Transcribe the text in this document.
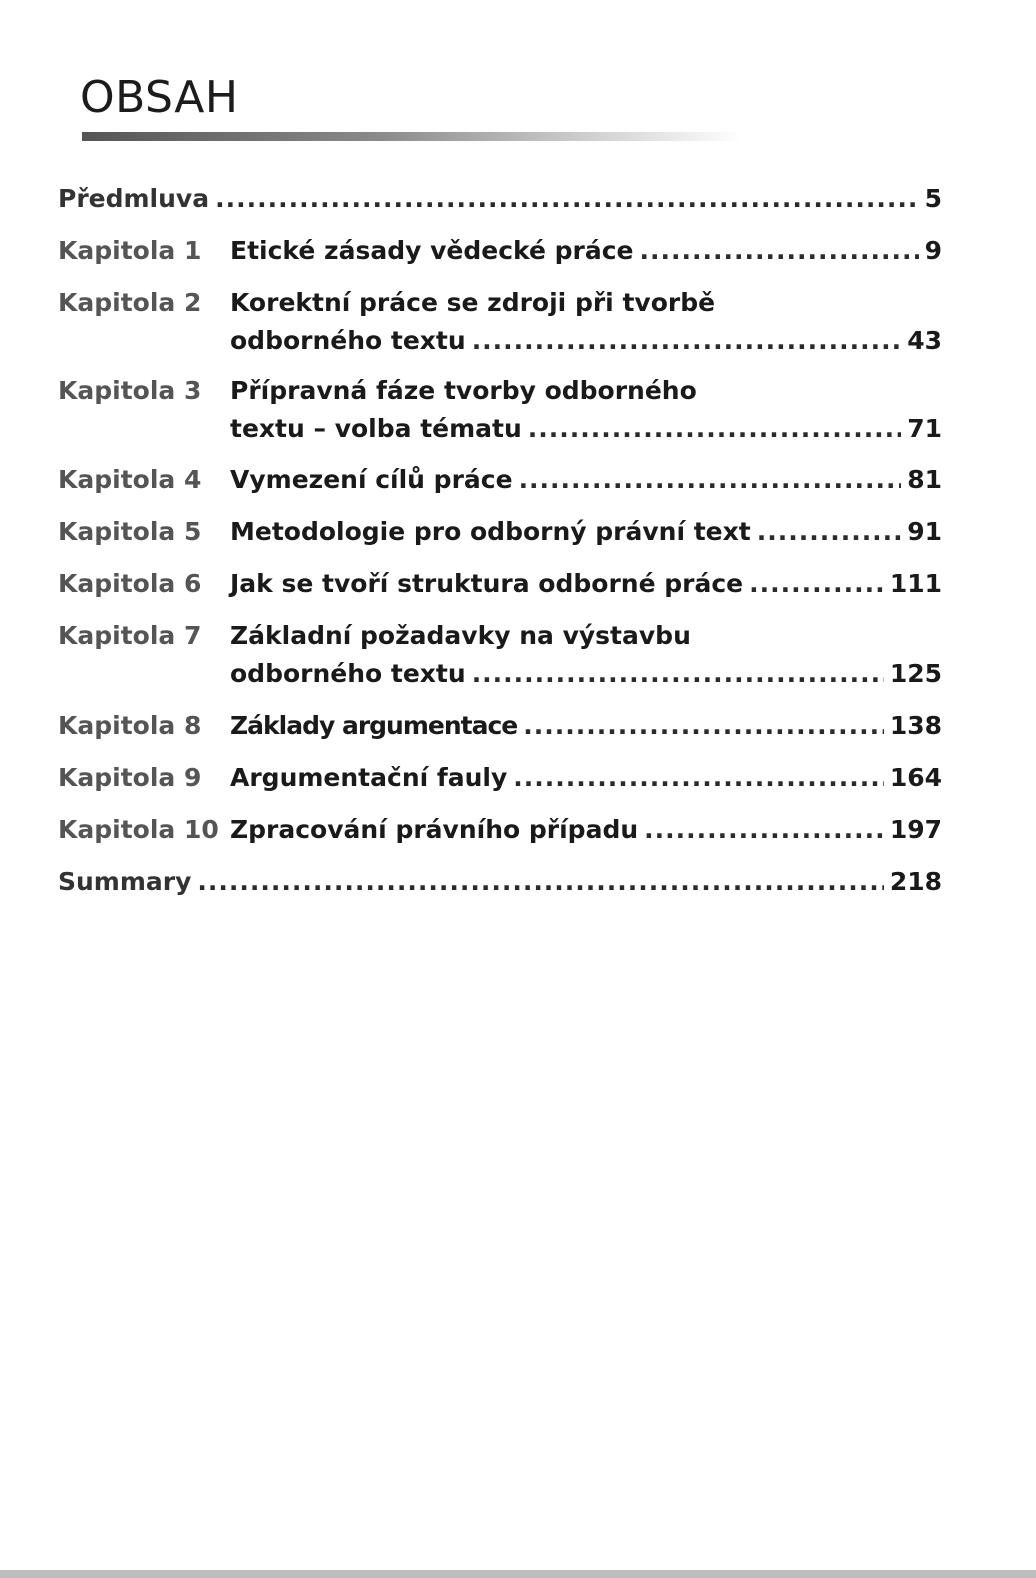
OBSAH
Předmluva .....	5
Kapitola 1 Etické zásady vědecké práce .....	9
Kapitola 2 Korektní práce se zdroji při tvorbě
odborného textu .....	43
Kapitola 3 Přípravná fáze tvorby odborného
textu – volba tématu .....	71
Kapitola 4 Vymezení cílů práce .....	81
Kapitola 5 Metodologie pro odborný právní text .....	91
Kapitola 6 Jak se tvoří struktura odborné práce .....	111
Kapitola 7 Základní požadavky na výstavbu
odborného textu .....	125
Kapitola 8 Základy argumentace .....	138
Kapitola 9 Argumentační fauly .....	164
Kapitola 10 Zpracování právního případu .....	197
Summary .....	218
